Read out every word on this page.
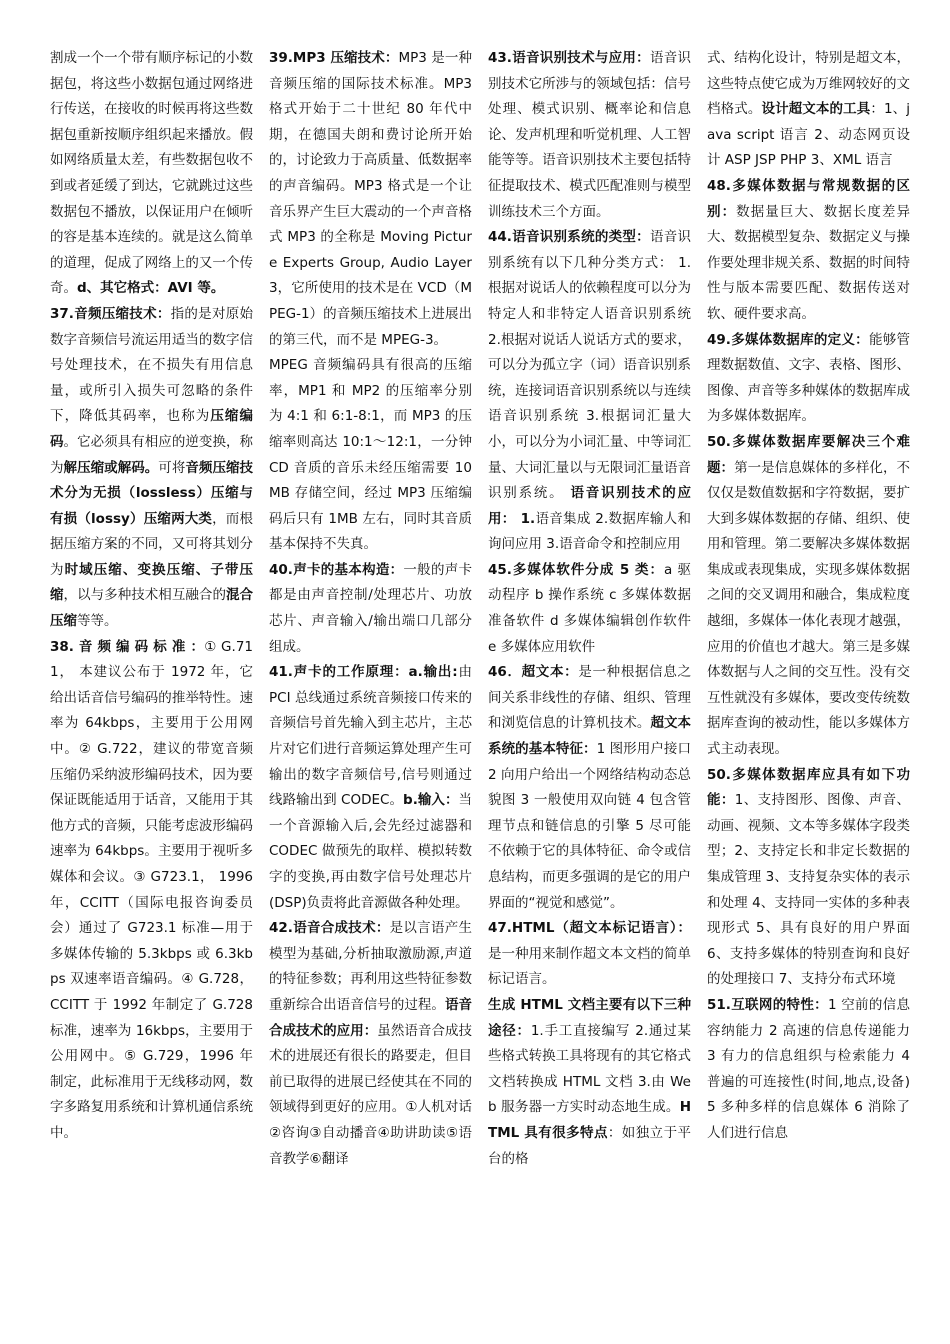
割成一个一个带有顺序标记的小数据包，将这些小数据包通过网络进行传送，在接收的时候再将这些数据包重新按顺序组织起来播放。假如网络质量太差，有些数据包收不到或者延缓了到达，它就跳过这些数据包不播放，以保证用户在倾听的容是基本连续的。就是这么简单的道理，促成了网络上的又一个传奇。d、其它格式：AVI 等。

37.音频压缩技术：指的是对原始数字音频信号流运用适当的数字信号处理技术，在不损失有用信息量，或所引入损失可忽略的条件下，降低其码率，也称为压缩编码。它必须具有相应的逆变换，称为解压缩或解码。可将音频压缩技术分为无损（lossless）压缩与有损（lossy）压缩两大类，而根据压缩方案的不同，又可将其划分为时域压缩、变换压缩、子带压缩，以与多种技术相互融合的混合压缩等等。

38. 音 频 编 码 标 准 ：① G.711， 本建议公布于 1972 年，它给出话音信号编码的推举特性。速率为 64kbps，主要用于公用网中。② G.722，建议的带宽音频压缩仍采纳波形编码技术，因为要保证既能适用于话音，又能用于其他方式的音频，只能考虑波形编码速率为 64kbps。主要用于视听多媒体和会议。③ G723.1， 1996 年，CCITT（国际电报咨询委员会）通过了 G723.1 标准—用于多媒体传输的 5.3kbps 或 6.3kbps 双速率语音编码。④ G.728， CCITT 于 1992 年制定了 G.728 标准，速率为 16kbps，主要用于公用网中。⑤ G.729，1996 年制定，此标准用于无线移动网，数字多路复用系统和计算机通信系统中。

39.MP3 压缩技术：MP3 是一种音频压缩的国际技术标准。MP3 格式开始于二十世纪 80 年代中期，在德国夫朗和费讨论所开始的，讨论致力于高质量、低数据率的声音编码。MP3 格式是一个让音乐界产生巨大震动的一个声音格式 MP3 的全称是 Moving Picture Experts Group, Audio Layer 3，它所使用的技术是在 VCD（MPEG-1）的音频压缩技术上进展出的第三代，而不是 MPEG-3。

MPEG 音频编码具有很高的压缩率，MP1 和 MP2 的压缩率分别为 4:1 和 6:1-8:1，而 MP3 的压缩率则高达 10:1～12:1，一分钟 CD 音质的音乐未经压缩需要 10MB 存储空间，经过 MP3 压缩编码后只有 1MB 左右，同时其音质基本保持不失真。

40.声卡的基本构造：一般的声卡都是由声音控制/处理芯片、功放芯片、声音输入/输出端口几部分组成。

41.声卡的工作原理：a.输出:由 PCI 总线通过系统音频接口传来的音频信号首先输入到主芯片，主芯片对它们进行音频运算处理产生可输出的数字音频信号,信号则通过线路输出到 CODEC。b.输入：当一个音源输入后,会先经过滤器和 CODEC 做预先的取样、模拟转数字的变换,再由数字信号处理芯片(DSP)负责将此音源做各种处理。

42.语音合成技术：是以言语产生模型为基础,分析抽取激励源,声道的特征参数；再利用这些特征参数重新综合出语音信号的过程。语音合成技术的应用：虽然语音合成技术的进展还有很长的路要走，但目前已取得的进展已经使其在不同的领域得到更好的应用。①人机对话②咨询③自动播音④助讲助读⑤语音教学⑥翻译

43.语音识别技术与应用：语音识别技术它所涉与的领域包括：信号处理、模式识别、概率论和信息论、发声机理和听觉机理、人工智能等等。语音识别技术主要包括特征提取技术、模式匹配准则与模型训练技术三个方面。

44.语音识别系统的类型：语音识别系统有以下几种分类方式： 1.根据对说话人的依赖程度可以分为特定人和非特定人语音识别系统 2.根据对说话人说话方式的要求，可以分为孤立字（词）语音识别系统，连接词语音识别系统以与连续语音识别系统 3.根据词汇量大小，可以分为小词汇量、中等词汇量、大词汇量以与无限词汇量语音识别系统。 语音识别技术的应用： 1.语音集成 2.数据库输人和询问应用 3.语音命令和控制应用

45.多媒体软件分成 5 类：a 驱动程序 b 操作系统 c 多媒体数据准备软件 d 多媒体编辑创作软件 e 多媒体应用软件

46．超文本：是一种根据信息之间关系非线性的存储、组织、管理和浏览信息的计算机技术。超文本系统的基本特征：1 图形用户接口 2 向用户给出一个网络结构动态总貌图 3 一般使用双向链 4 包含管理节点和链信息的引擎 5 尽可能不依赖于它的具体特征、命令或信息结构，而更多强调的是它的用户界面的“视觉和感觉”。

47.HTML（超文本标记语言）：是一种用来制作超文本文档的简单标记语言。

生成 HTML 文档主要有以下三种途径：1.手工直接编写 2.通过某些格式转换工具将现有的其它格式文档转换成 HTML 文档 3.由 Web 服务器一方实时动态地生成。HTML 具有很多特点：如独立于平台的格

式、结构化设计，特别是超文本，这些特点使它成为万维网较好的文档格式。设计超文本的工具：1、java script 语言 2、动态网页设计 ASP JSP PHP 3、XML 语言

48.多媒体数据与常规数据的区别：数据量巨大、数据长度差异大、数据模型复杂、数据定义与操作要处理非规关系、数据的时间特性与版本需要匹配、数据传送对软、硬件要求高。

49.多媒体数据库的定义：能够管理数据数值、文字、表格、图形、图像、声音等多种媒体的数据库成为多媒体数据库。

50.多媒体数据库要解决三个难题：第一是信息媒体的多样化，不仅仅是数值数据和字符数据，要扩大到多媒体数据的存储、组织、使用和管理。第二要解决多媒体数据集成或表现集成，实现多媒体数据之间的交叉调用和融合，集成粒度越细，多媒体一体化表现才越强，应用的价值也才越大。第三是多媒体数据与人之间的交互性。没有交互性就没有多媒体，要改变传统数据库查询的被动性，能以多媒体方式主动表现。

50.多媒体数据库应具有如下功能：1、支持图形、图像、声音、动画、视频、文本等多媒体字段类型；2、支持定长和非定长数据的集成管理 3、支持复杂实体的表示和处理 4、支持同一实体的多种表现形式 5、具有良好的用户界面 6、支持多媒体的特别查询和良好的处理接口 7、支持分布式环境

51.互联网的特性：1 空前的信息容纳能力 2 高速的信息传递能力 3 有力的信息组织与检索能力 4 普遍的可连接性(时间,地点,设备)5 多种多样的信息媒体 6 消除了人们进行信息
